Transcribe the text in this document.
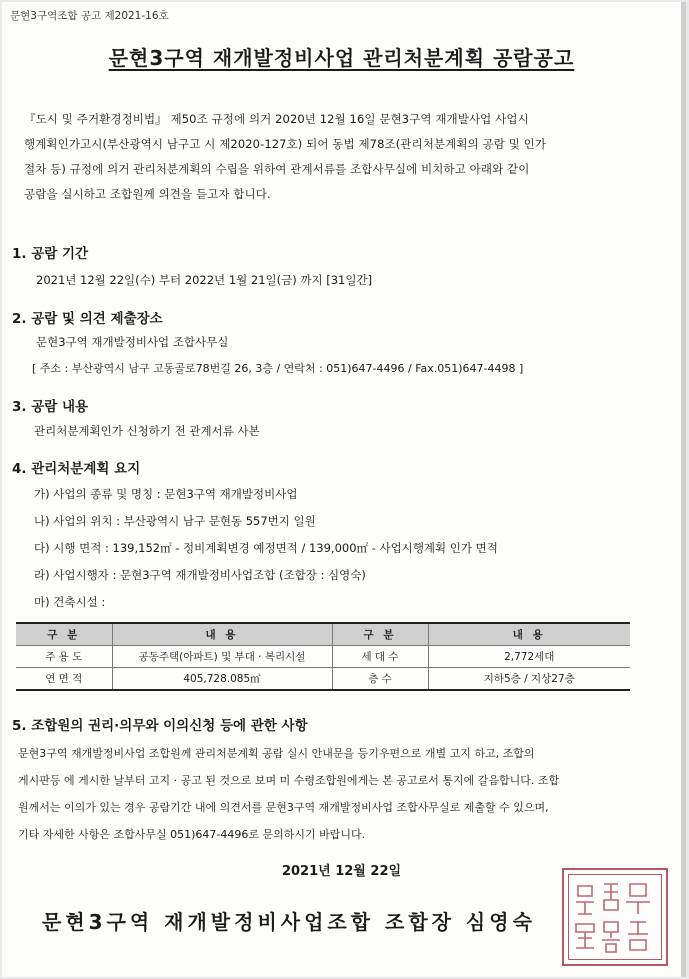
문현3구역조합 공고 제2021-16호
문현3구역 재개발정비사업 관리처분계획 공람공고
『도시 및 주거환경정비법』 제50조 규정에 의거 2020년 12월 16일 문현3구역 재개발사업 사업시
행계획인가고시(부산광역시 남구고 시 제2020-127호) 되어 동법 제78조(관리처분계획의 공람 및 인가
절차 등) 규정에 의거 관리처분계획의 수립을 위하여 관계서류를 조합사무실에 비치하고 아래와 같이
공람을 실시하고 조합원께 의견을 듣고자 합니다.
1. 공람 기간
2021년 12월 22일(수) 부터 2022년 1월 21일(금) 까지 [31일간]
2. 공람 및 의견 제출장소
문현3구역 재개발정비사업 조합사무실
[ 주소 : 부산광역시 남구 고동골로78번길 26, 3층 / 연락처 : 051)647-4496 / Fax.051)647-4498 ]
3. 공람 내용
관리처분계획인가 신청하기 전 관계서류 사본
4. 관리처분계획 요지
가) 사업의 종류 및 명칭 : 문현3구역 재개발정비사업
나) 사업의 위치 : 부산광역시 남구 문현동 557번지 일원
다) 시행 면적 : 139,152㎡ - 정비계획변경 예정면적 / 139,000㎡ - 사업시행계획 인가 면적
라) 사업시행자 : 문현3구역 재개발정비사업조합 (조합장 : 심영숙)
마) 건축시설 :
구 분	내 용	구 분	내 용
주 용 도	공동주택(아파트) 및 부대 · 복리시설	세 대 수	2,772세대
연 면 적	405,728.085㎡	층 수	지하5층 / 지상27층
5. 조합원의 권리·의무와 이의신청 등에 관한 사항
문현3구역 재개발정비사업 조합원께 관리처분계획 공람 실시 안내문을 등기우편으로 개별 고지 하고, 조합의
게시판등 에 게시한 날부터 고지 · 공고 된 것으로 보며 미 수령조합원에게는 본 공고로서 통지에 갈음합니다. 조합
원께서는 이의가 있는 경우 공람기간 내에 의견서를 문현3구역 재개발정비사업 조합사무실로 제출할 수 있으며,
기타 자세한 사항은 조합사무실 051)647-4496로 문의하시기 바랍니다.
2021년 12월 22일
문현3구역 재개발정비사업조합 조합장 심영숙
